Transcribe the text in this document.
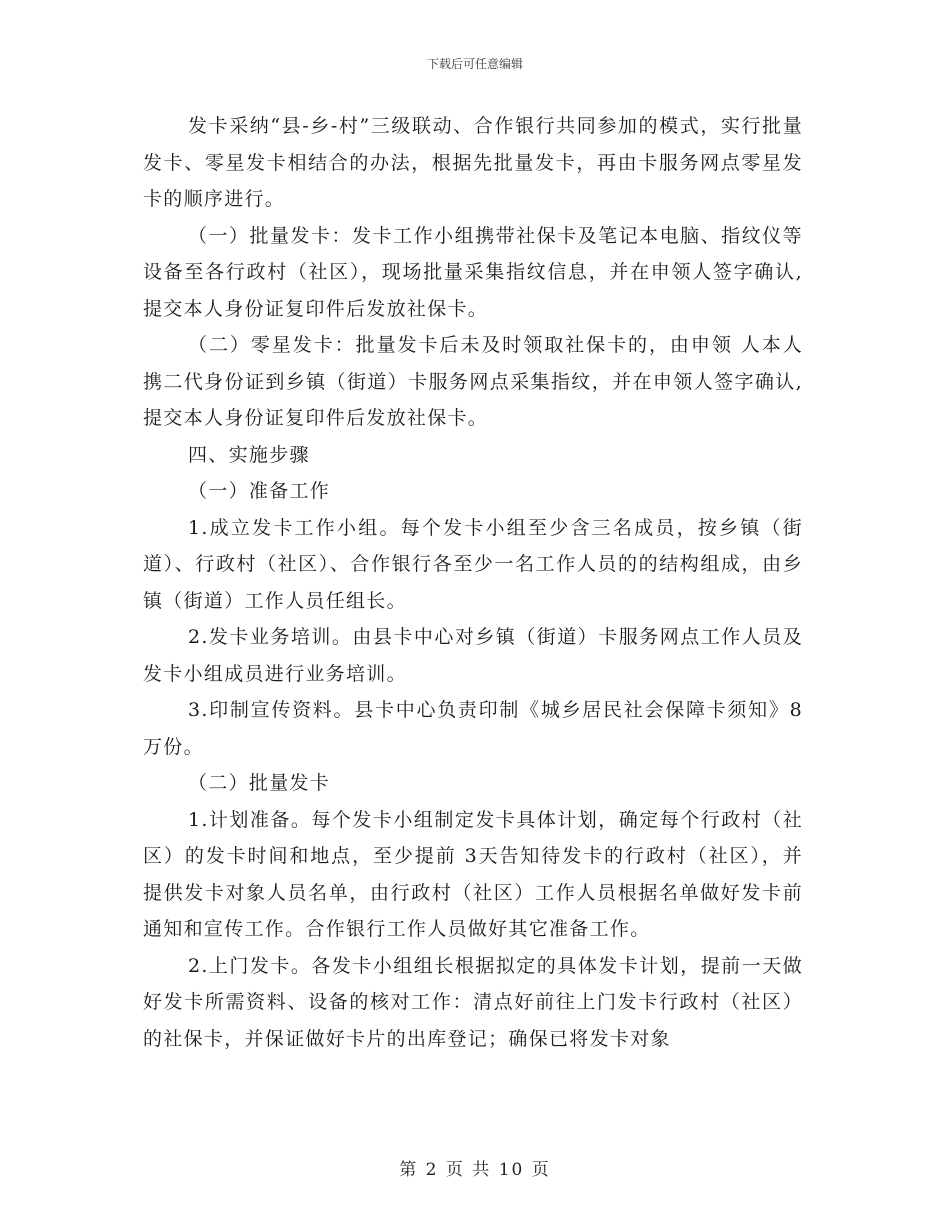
下载后可任意编辑

发卡采纳“县-乡-村”三级联动、合作银行共同参加的模式，实行批量发卡、零星发卡相结合的办法，根据先批量发卡，再由卡服务网点零星发卡的顺序进行。

（一）批量发卡：发卡工作小组携带社保卡及笔记本电脑、指纹仪等设备至各行政村（社区），现场批量采集指纹信息，并在申领人签字确认,提交本人身份证复印件后发放社保卡。

（二）零星发卡：批量发卡后未及时领取社保卡的，由申领 人本人携二代身份证到乡镇（街道）卡服务网点采集指纹，并在申领人签字确认,提交本人身份证复印件后发放社保卡。

四、实施步骤

（一）准备工作

1.成立发卡工作小组。每个发卡小组至少含三名成员，按乡镇（街道）、行政村（社区）、合作银行各至少一名工作人员的的结构组成，由乡镇（街道）工作人员任组长。

2.发卡业务培训。由县卡中心对乡镇（街道）卡服务网点工作人员及发卡小组成员进行业务培训。

3.印制宣传资料。县卡中心负责印制《城乡居民社会保障卡须知》8万份。

（二）批量发卡

1.计划准备。每个发卡小组制定发卡具体计划，确定每个行政村（社区）的发卡时间和地点，至少提前 3天告知待发卡的行政村（社区），并提供发卡对象人员名单，由行政村（社区）工作人员根据名单做好发卡前通知和宣传工作。合作银行工作人员做好其它准备工作。

2.上门发卡。各发卡小组组长根据拟定的具体发卡计划，提前一天做好发卡所需资料、设备的核对工作：清点好前往上门发卡行政村（社区）的社保卡，并保证做好卡片的出库登记；确保已将发卡对象

第 2 页 共 10 页
